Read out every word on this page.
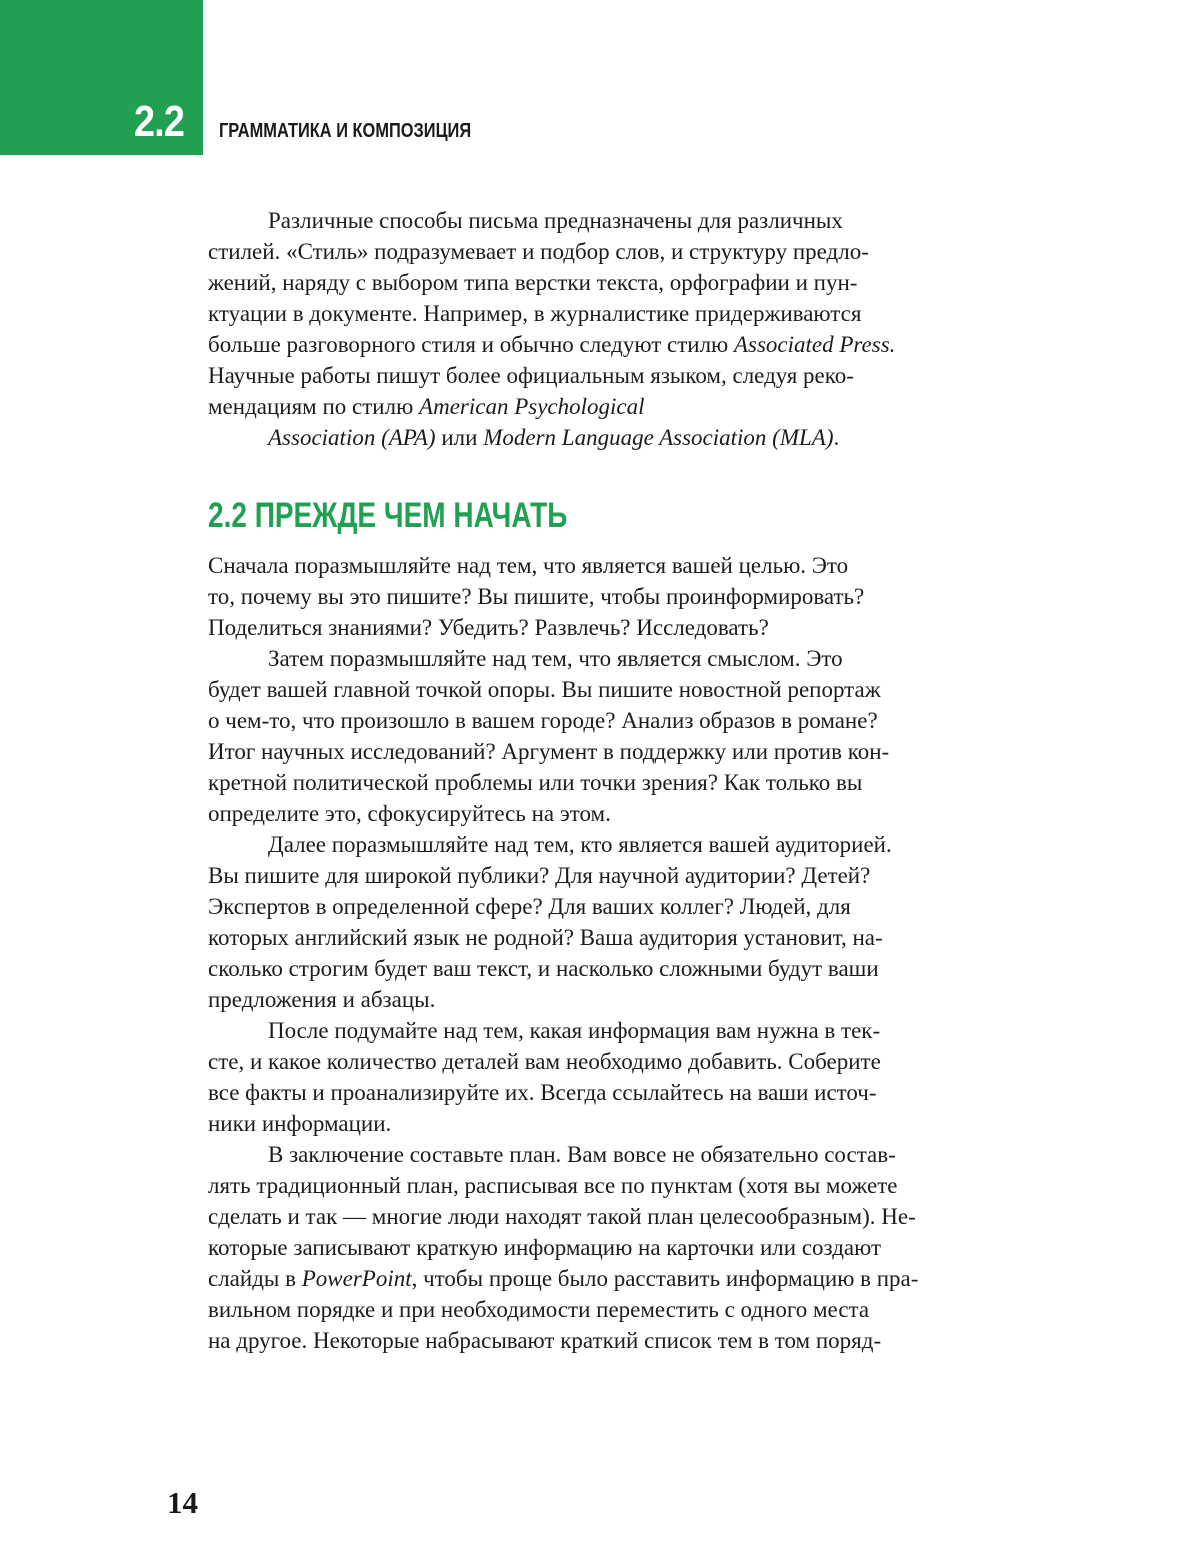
2.2 ГРАММАТИКА И КОМПОЗИЦИЯ
Различные способы письма предназначены для различных
стилей. «Стиль» подразумевает и подбор слов, и структуру предло-
жений, наряду с выбором типа верстки текста, орфографии и пун-
ктуации в документе. Например, в журналистике придерживаются
больше разговорного стиля и обычно следуют стилю Associated Press.
Научные работы пишут более официальным языком, следуя реко-
мендациям по стилю American Psychological
Association (APA) или Modern Language Association (MLA).
2.2 ПРЕЖДЕ ЧЕМ НАЧАТЬ
Сначала поразмышляйте над тем, что является вашей целью. Это
то, почему вы это пишите? Вы пишите, чтобы проинформировать?
Поделиться знаниями? Убедить? Развлечь? Исследовать?
Затем поразмышляйте над тем, что является смыслом. Это
будет вашей главной точкой опоры. Вы пишите новостной репортаж
о чем-то, что произошло в вашем городе? Анализ образов в романе?
Итог научных исследований? Аргумент в поддержку или против кон-
кретной политической проблемы или точки зрения? Как только вы
определите это, сфокусируйтесь на этом.
Далее поразмышляйте над тем, кто является вашей аудиторией.
Вы пишите для широкой публики? Для научной аудитории? Детей?
Экспертов в определенной сфере? Для ваших коллег? Людей, для
которых английский язык не родной? Ваша аудитория установит, на-
сколько строгим будет ваш текст, и насколько сложными будут ваши
предложения и абзацы.
После подумайте над тем, какая информация вам нужна в тек-
сте, и какое количество деталей вам необходимо добавить. Соберите
все факты и проанализируйте их. Всегда ссылайтесь на ваши источ-
ники информации.
В заключение составьте план. Вам вовсе не обязательно состав-
лять традиционный план, расписывая все по пунктам (хотя вы можете
сделать и так — многие люди находят такой план целесообразным). Не-
которые записывают краткую информацию на карточки или создают
слайды в PowerPoint, чтобы проще было расставить информацию в пра-
вильном порядке и при необходимости переместить с одного места
на другое. Некоторые набрасывают краткий список тем в том поряд-
14
